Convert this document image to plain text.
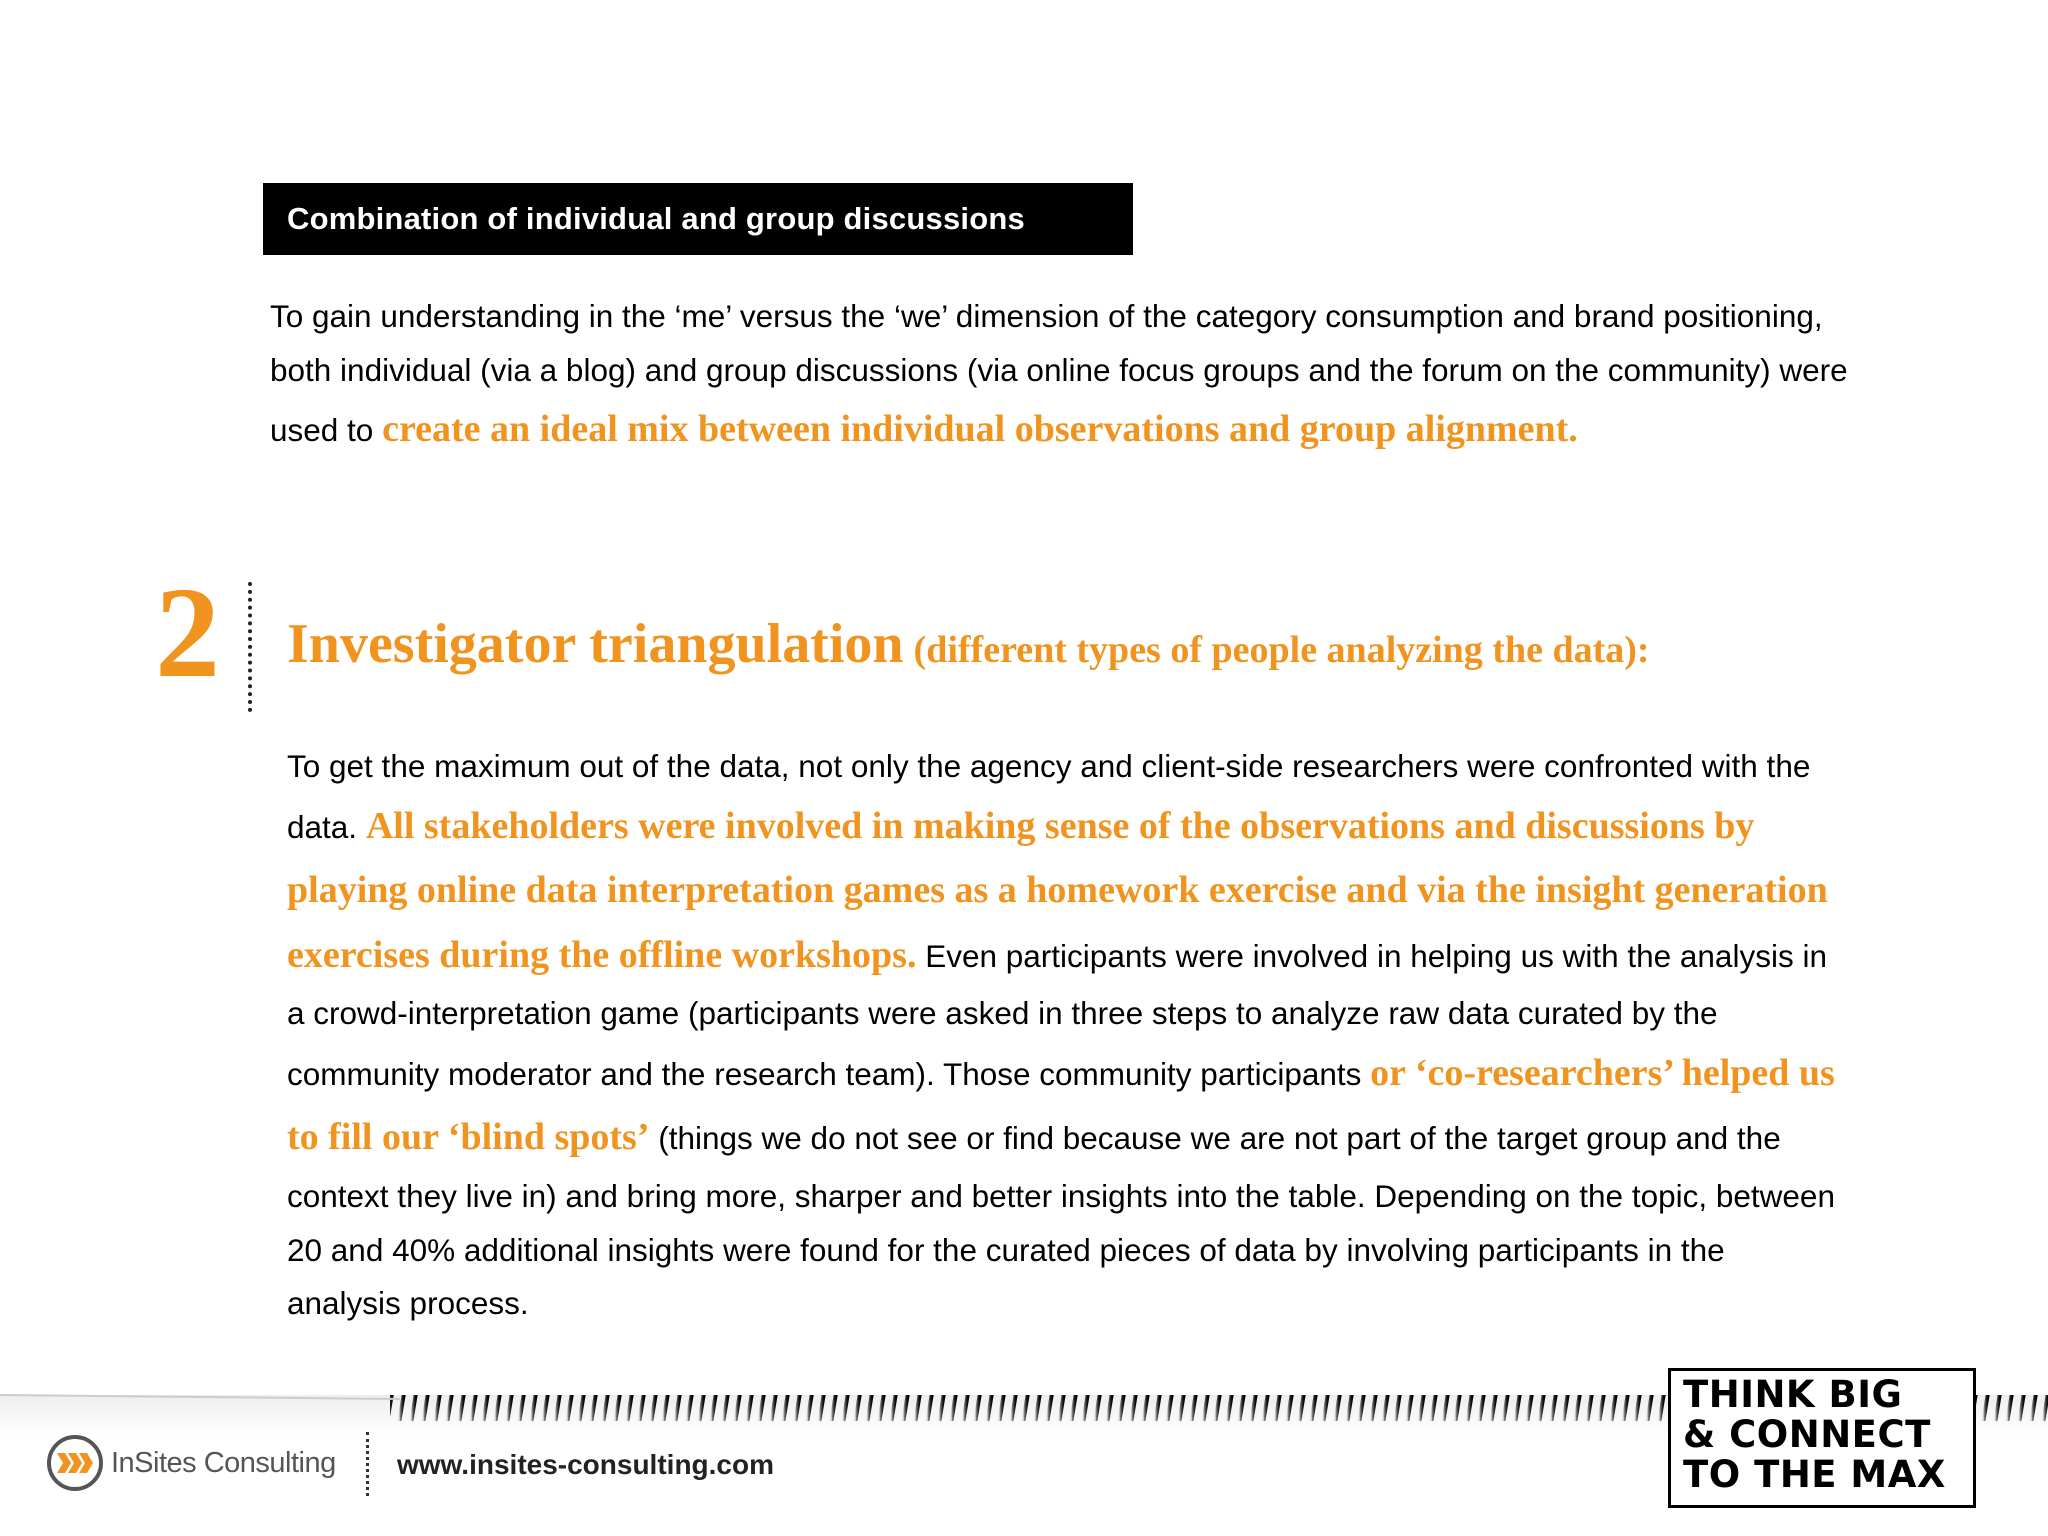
Combination of individual and group discussions
To gain understanding in the ‘me’ versus the ‘we’ dimension of the category consumption and brand positioning, both individual (via a blog) and group discussions (via online focus groups and the forum on the community) were used to create an ideal mix between individual observations and group alignment.
2 Investigator triangulation (different types of people analyzing the data):
To get the maximum out of the data, not only the agency and client-side researchers were confronted with the data. All stakeholders were involved in making sense of the observations and discussions by playing online data interpretation games as a homework exercise and via the insight generation exercises during the offline workshops. Even participants were involved in helping us with the analysis in a crowd-interpretation game (participants were asked in three steps to analyze raw data curated by the community moderator and the research team). Those community participants or ‘co-researchers’ helped us to fill our ‘blind spots’ (things we do not see or find because we are not part of the target group and the context they live in) and bring more, sharper and better insights into the table. Depending on the topic, between 20 and 40% additional insights were found for the curated pieces of data by involving participants in the analysis process.
InSites Consulting www.insites-consulting.com
THINK BIG
& CONNECT
TO THE MAX
